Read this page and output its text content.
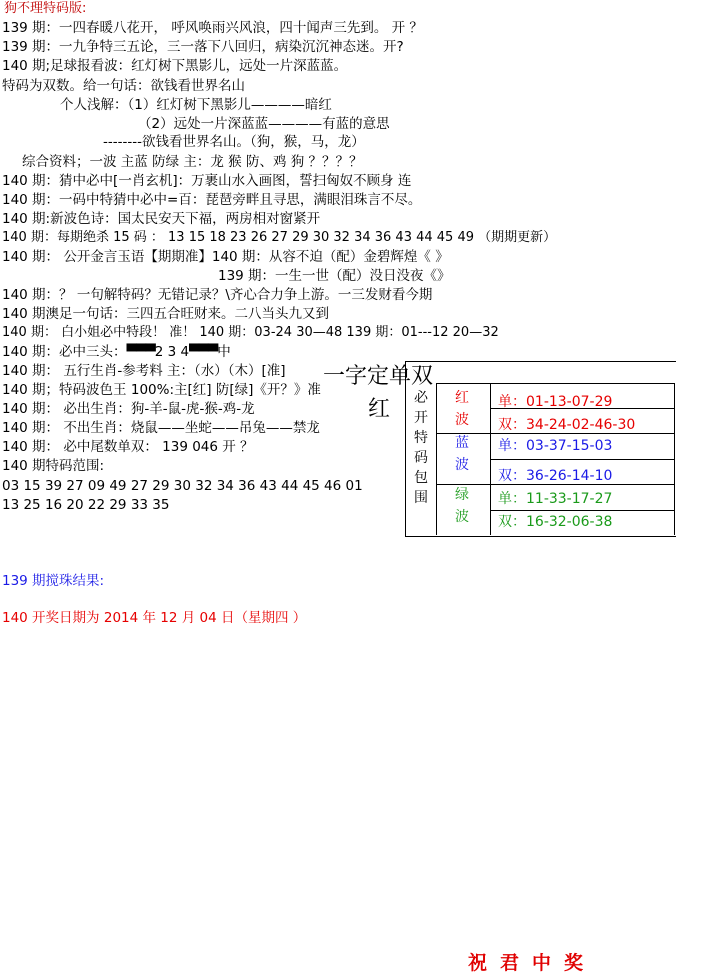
狗不理特码版:
139 期：一四春暖八花开， 呼风唤雨兴风浪，四十闻声三先到。 开 ？
139 期：一九争特三五论，三一落下八回归，病染沉沉神态迷。开?
140 期;足球报看波：红灯树下黑影儿，远处一片深蓝蓝。
特码为双数。给一句话：欲钱看世界名山
个人浅解：（1）红灯树下黑影儿————暗红
（2）远处一片深蓝蓝————有蓝的意思
--------欲钱看世界名山。（狗，猴，马，龙）
综合资料；一波 主蓝 防绿 主：龙 猴 防、鸡 狗 ？？？？
140 期：猜中必中[一肖玄机]：万裹山水入画图，誓扫匈奴不顾身 连
140 期：一码中特猜中必中=百：琵琶旁畔且寻思，满眼泪珠言不尽。
140 期:新波色诗：国太民安天下福，两房相对窗紧开
140 期：每期绝杀 15 码 ： 13 15 18 23 26 27 29 30 32 34 36 43 44 45 49 （期期更新）
140 期： 公开金言玉语【期期准】140 期：从容不迫（配）金碧辉煌《 》
139 期：一生一世（配）没日没夜《》
140 期：？ 一句解特码？无错记录？\齐心合力争上游。一三发财看今期
140 期澳足一句话：三四五合旺财来。二八当头九又到
140 期： 白小姐必中特段！ 准！ 140 期：03-24 30—48 139 期：01---12 20—32
140 期：必中三头：▀▀▀2 3 4▀▀▀中
140 期： 五行生肖-参考料 主：（水）（木）[准]
140 期；特码波色王 100%:主[红] 防[绿]《开？》准
140 期： 必出生肖：狗-羊-鼠-虎-猴-鸡-龙
140 期： 不出生肖：烧鼠——坐蛇——吊兔——禁龙
140 期： 必中尾数单双： 139 046 开 ？
140 期特码范围:
03 15 39 27 09 49 27 29 30 32 34 36 43 44 45 46 01
13 25 16 20 22 29 33 35
一字定单双
红 必
开
特
码
包
围
红
波
蓝
波
绿
波
单：01-13-07-29
双：34-24-02-46-30
单：03-37-15-03
双：36-26-14-10
单：11-33-17-27
双：16-32-06-38
139 期搅珠结果:
140 开奖日期为 2014 年 12 月 04 日（星期四 ）
祝君中奖
